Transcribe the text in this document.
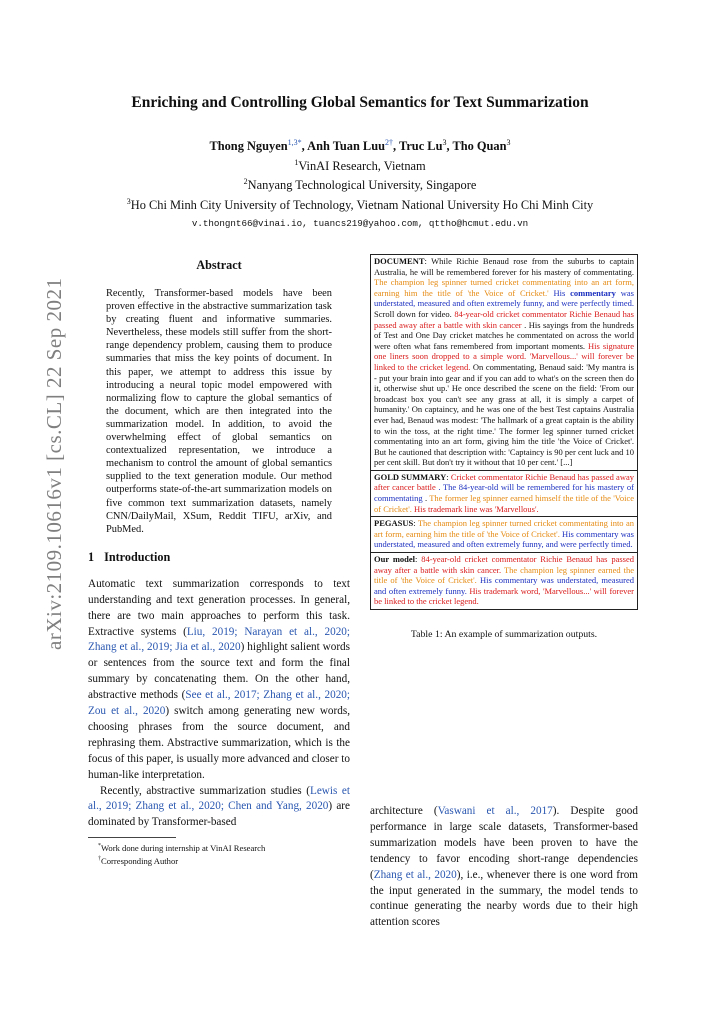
arXiv:2109.10616v1 [cs.CL] 22 Sep 2021
Enriching and Controlling Global Semantics for Text Summarization
Thong Nguyen$^{1,3*}$, Anh Tuan Luu$^{2\dagger}$, Truc Lu$^3$, Tho Quan$^3$
$^1$VinAI Research, Vietnam
$^2$Nanyang Technological University, Singapore
$^3$Ho Chi Minh City University of Technology, Vietnam National University Ho Chi Minh City
v.thongnt66@vinai.io, tuancs219@yahoo.com, qttho@hcmut.edu.vn
Abstract
Recently, Transformer-based models have been proven effective in the abstractive summarization task by creating fluent and informative summaries. Nevertheless, these models still suffer from the short-range dependency problem, causing them to produce summaries that miss the key points of document. In this paper, we attempt to address this issue by introducing a neural topic model empowered with normalizing flow to capture the global semantics of the document, which are then integrated into the summarization model. In addition, to avoid the overwhelming effect of global semantics on contextualized representation, we introduce a mechanism to control the amount of global semantics supplied to the text generation module. Our method outperforms state-of-the-art summarization models on five common text summarization datasets, namely CNN/DailyMail, XSum, Reddit TIFU, arXiv, and PubMed.
1 Introduction

Automatic text summarization corresponds to text understanding and text generation processes. In general, there are two main approaches to perform this task. Extractive systems (Liu, 2019; Narayan et al., 2020; Zhang et al., 2019; Jia et al., 2020) highlight salient words or sentences from the source text and form the final summary by concatenating them. On the other hand, abstractive methods (See et al., 2017; Zhang et al., 2020; Zou et al., 2020) switch among generating new words, choosing phrases from the source document, and rephrasing them. Abstractive summarization, which is the focus of this paper, is usually more advanced and closer to human-like interpretation.

Recently, abstractive summarization studies (Lewis et al., 2019; Zhang et al., 2020; Chen and Yang, 2020) are dominated by Transformer-based

*Work done during internship at VinAI Research
†Corresponding Author
DOCUMENT: While Richie Benaud rose from the suburbs to captain Australia, he will be remembered forever for his mastery of commentating. The champion leg spinner turned cricket commentating into an art form, earning him the title of 'the Voice of Cricket.' His commentary was understated, measured and often extremely funny, and were perfectly timed. Scroll down for video. 84-year-old cricket commentator Richie Benaud has passed away after a battle with skin cancer . His sayings from the hundreds of Test and One Day cricket matches he commentated on across the world were often what fans remembered from important moments. His signature one liners soon dropped to a simple word. 'Marvellous...' will forever be linked to the cricket legend. On commentating, Benaud said: 'My mantra is - put your brain into gear and if you can add to what's on the screen then do it, otherwise shut up.' He once described the scene on the field: 'From our broadcast box you can't see any grass at all, it is simply a carpet of humanity.' On captaincy, and he was one of the best Test captains Australia ever had, Benaud was modest: 'The hallmark of a great captain is the ability to win the toss, at the right time.' The former leg spinner turned cricket commentating into an art form, giving him the title 'the Voice of Cricket'. But he cautioned that description with: 'Captaincy is 90 per cent luck and 10 per cent skill. But don't try it without that 10 per cent.' [...]
GOLD SUMMARY: Cricket commentator Richie Benaud has passed away after cancer battle . The 84-year-old will be remembered for his mastery of commentating . The former leg spinner earned himself the title of the 'Voice of Cricket'. His trademark line was 'Marvellous'.
PEGASUS: The champion leg spinner turned cricket commentating into an art form, earning him the title of 'the Voice of Cricket'. His commentary was understated, measured and often extremely funny, and were perfectly timed.
Our model: 84-year-old cricket commentator Richie Benaud has passed away after a battle with skin cancer. The champion leg spinner earned the title of 'the Voice of Cricket'. His commentary was understated, measured and often extremely funny. His trademark word, 'Marvellous...' will forever be linked to the cricket legend.
Table 1: An example of summarization outputs.

architecture (Vaswani et al., 2017). Despite good performance in large scale datasets, Transformer-based summarization models have been proven to have the tendency to favor encoding short-range dependencies (Zhang et al., 2020), i.e., whenever there is one word from the input generated in the summary, the model tends to continue generating the nearby words due to their high attention scores
